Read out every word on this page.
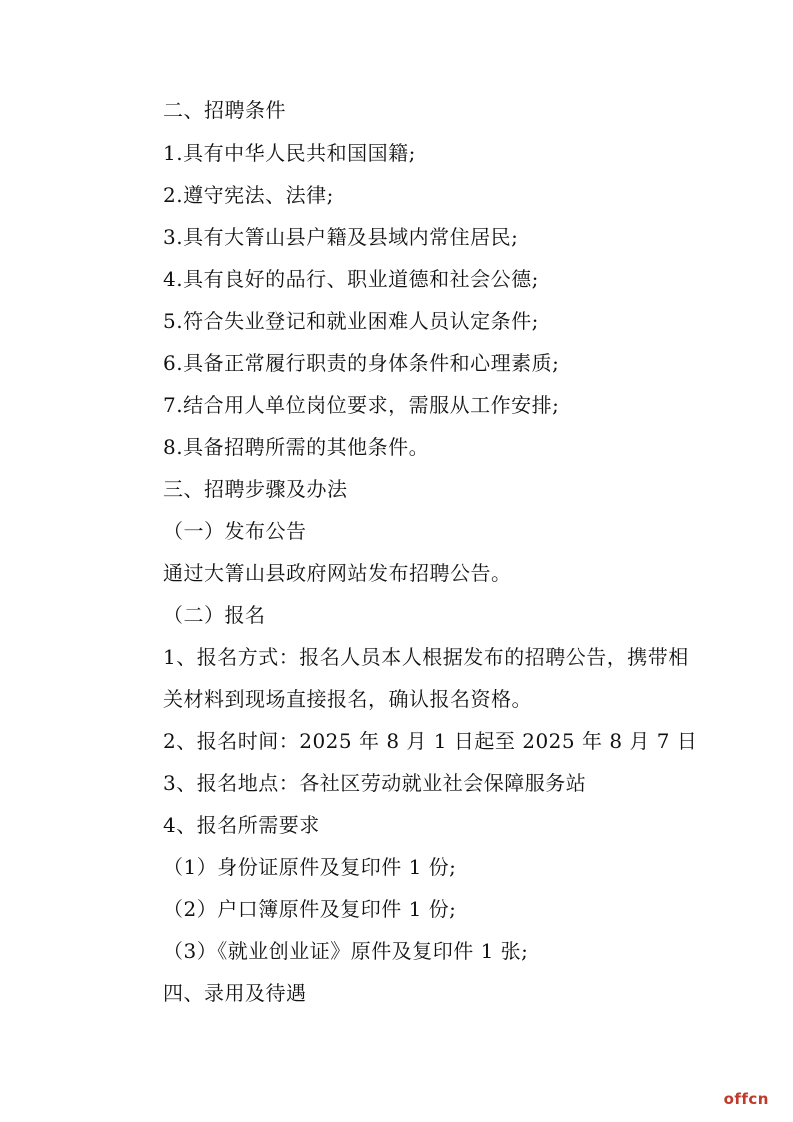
二、招聘条件
1.具有中华人民共和国国籍;
2.遵守宪法、法律;
3.具有大箐山县户籍及县域内常住居民;
4.具有良好的品行、职业道德和社会公德;
5.符合失业登记和就业困难人员认定条件;
6.具备正常履行职责的身体条件和心理素质;
7.结合用人单位岗位要求，需服从工作安排;
8.具备招聘所需的其他条件。
三、招聘步骤及办法
（一）发布公告
通过大箐山县政府网站发布招聘公告。
（二）报名
1、报名方式：报名人员本人根据发布的招聘公告，携带相
关材料到现场直接报名，确认报名资格。
2、报名时间：2025 年 8 月 1 日起至 2025 年 8 月 7 日
3、报名地点：各社区劳动就业社会保障服务站
4、报名所需要求
（1）身份证原件及复印件 1 份;
（2）户口簿原件及复印件 1 份;
（3）《就业创业证》原件及复印件 1 张;
四、录用及待遇
offcn
